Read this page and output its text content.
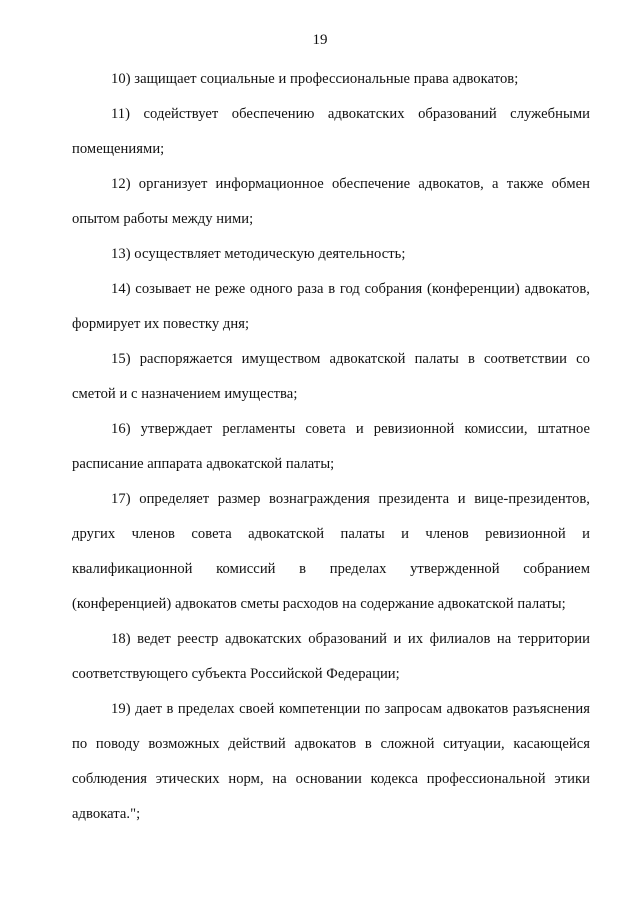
19

10) защищает социальные и профессиональные права адвокатов;

11) содействует обеспечению адвокатских образований служебными помещениями;

12) организует информационное обеспечение адвокатов, а также обмен опытом работы между ними;

13) осуществляет методическую деятельность;

14) созывает не реже одного раза в год собрания (конференции) адвокатов, формирует их повестку дня;

15) распоряжается имуществом адвокатской палаты в соответствии со сметой и с назначением имущества;

16) утверждает регламенты совета и ревизионной комиссии, штатное расписание аппарата адвокатской палаты;

17) определяет размер вознаграждения президента и вице-президентов, других членов совета адвокатской палаты и членов ревизионной и квалификационной комиссий в пределах утвержденной собранием (конференцией) адвокатов сметы расходов на содержание адвокатской палаты;

18) ведет реестр адвокатских образований и их филиалов на территории соответствующего субъекта Российской Федерации;

19) дает в пределах своей компетенции по запросам адвокатов разъяснения по поводу возможных действий адвокатов в сложной ситуации, касающейся соблюдения этических норм, на основании кодекса профессиональной этики адвоката.";
